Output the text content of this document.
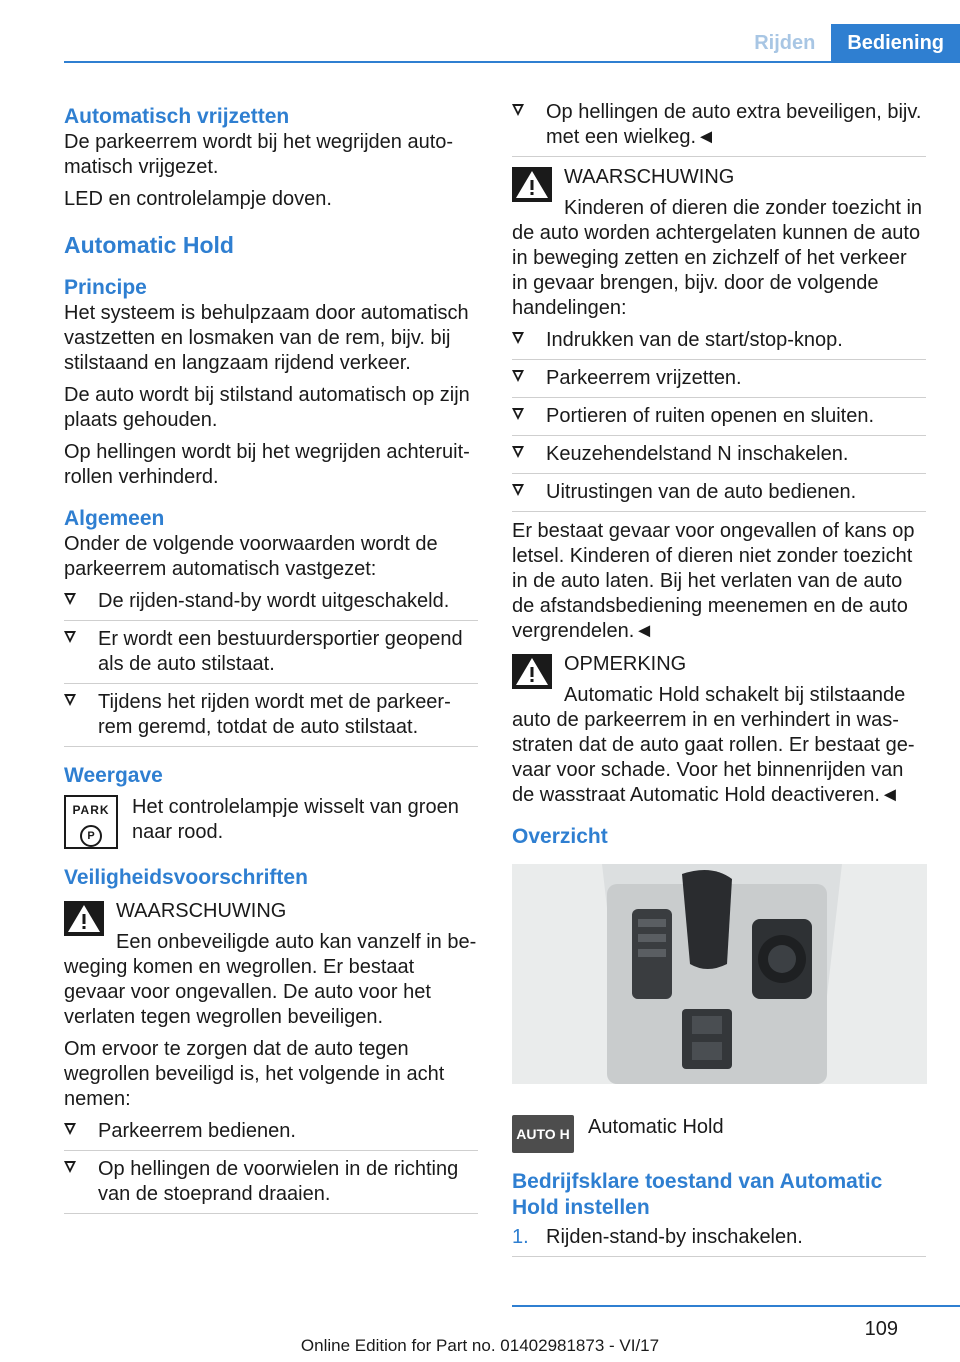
Rijden	Bediening
Automatisch vrijzetten

De parkeerrem wordt bij het wegrijden automatisch vrijgezet.

LED en controlelampje doven.

Automatic Hold
Principe

Het systeem is behulpzaam door automatisch vastzetten en losmaken van de rem, bijv. bij stilstaand en langzaam rijdend verkeer.

De auto wordt bij stilstand automatisch op zijn plaats gehouden.

Op hellingen wordt bij het wegrijden achteruitrollen verhinderd.

Algemeen

Onder de volgende voorwaarden wordt de parkeerrem automatisch vastgezet:

De rijden-stand-by wordt uitgeschakeld.
Er wordt een bestuurdersportier geopend als de auto stilstaat.
Tijdens het rijden wordt met de parkeerrem geremd, totdat de auto stilstaat.
Weergave
PARK
P
Het controlelampje wisselt van groen naar rood.
Veiligheidsvoorschriften
WAARSCHUWING

Een onbeveiligde auto kan vanzelf in beweging komen en wegrollen. Er bestaat gevaar voor ongevallen. De auto voor het verlaten tegen wegrollen beveiligen.

Om ervoor te zorgen dat de auto tegen wegrollen beveiligd is, het volgende in acht nemen:

Parkeerrem bedienen.
Op hellingen de voorwielen in de richting van de stoeprand draaien.
Op hellingen de auto extra beveiligen, bijv. met een wielkeg.◄
WAARSCHUWING

Kinderen of dieren die zonder toezicht in de auto worden achtergelaten kunnen de auto in beweging zetten en zichzelf of het verkeer in gevaar brengen, bijv. door de volgende handelingen:

Indrukken van de start/stop-knop.
Parkeerrem vrijzetten.
Portieren of ruiten openen en sluiten.
Keuzehendelstand N inschakelen.
Uitrustingen van de auto bedienen.

Er bestaat gevaar voor ongevallen of kans op letsel. Kinderen of dieren niet zonder toezicht in de auto laten. Bij het verlaten van de auto de afstandsbediening meenemen en de auto vergrendelen.◄

OPMERKING

Automatic Hold schakelt bij stilstaande auto de parkeerrem in en verhindert in wasstraten dat de auto gaat rollen. Er bestaat gevaar voor schade. Voor het binnenrijden van de wasstraat Automatic Hold deactiveren.◄

Overzicht
AUTO H Automatic Hold
Bedrijfsklare toestand van Automatic Hold instellen
1. Rijden-stand-by inschakelen.
109
Online Edition for Part no. 01402981873 - VI/17
